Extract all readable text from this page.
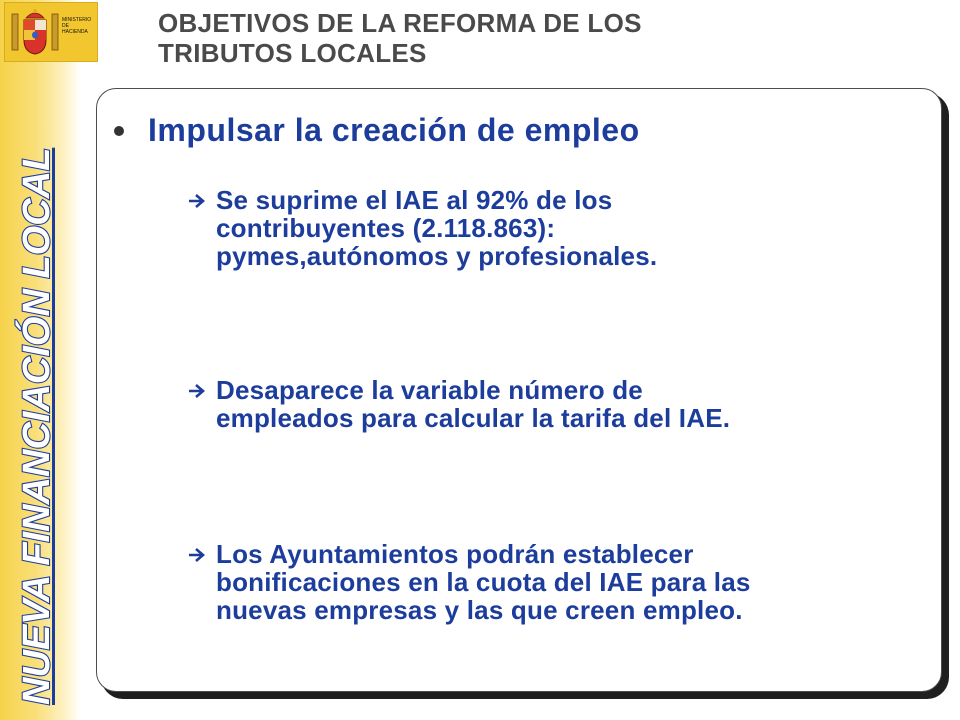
MINISTERIO
DE
HACIENDA
NUEVA FINANCIACIÓN LOCAL
OBJETIVOS DE LA REFORMA DE LOS
TRIBUTOS LOCALES
Impulsar la creación de empleo
Se suprime el IAE al 92% de los
contribuyentes (2.118.863):
pymes,autónomos y profesionales.
Desaparece la variable número de
empleados para calcular la tarifa del IAE.
Los Ayuntamientos podrán establecer
bonificaciones en la cuota del IAE para las
nuevas empresas y las que creen empleo.
